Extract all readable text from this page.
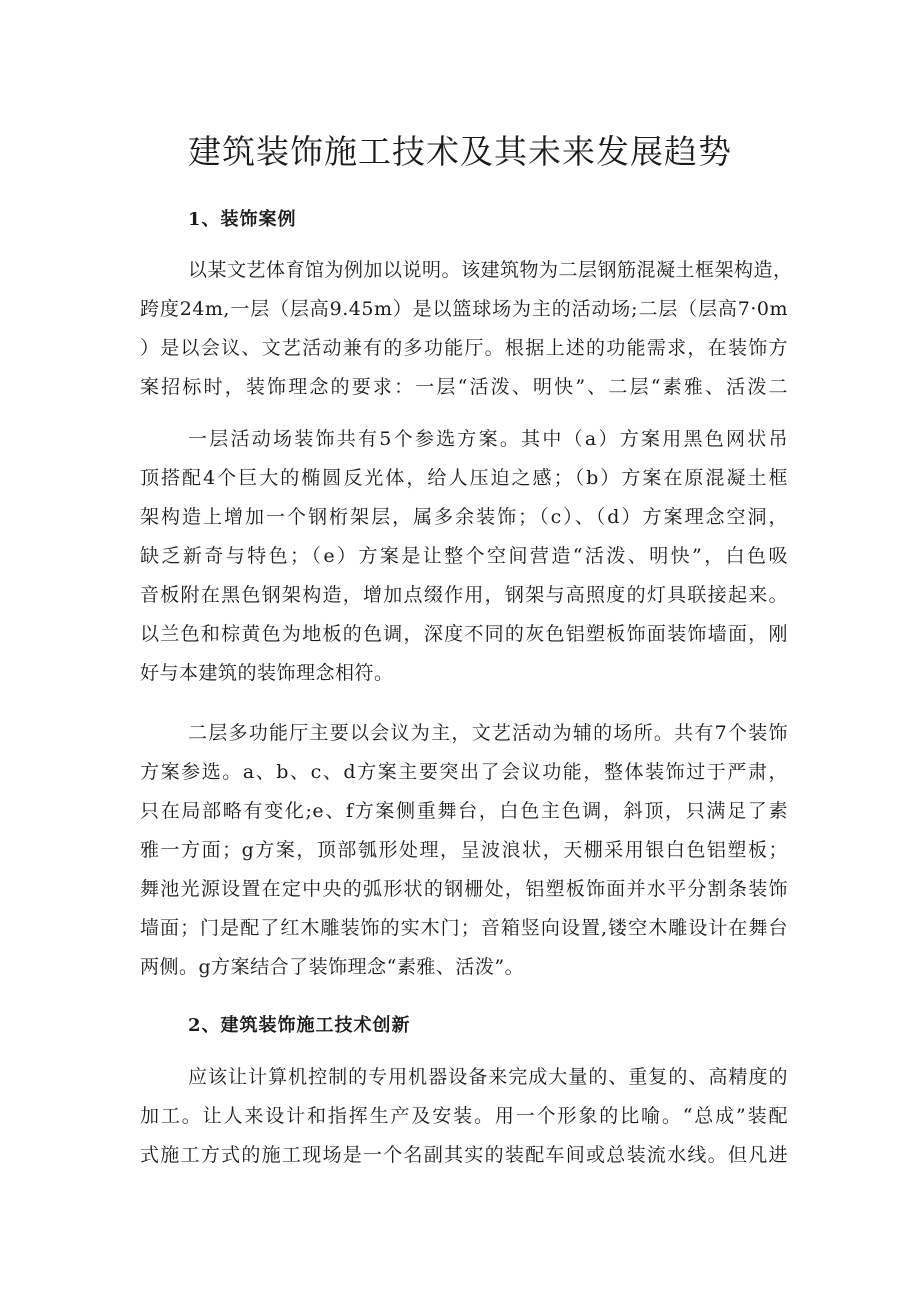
建筑装饰施工技术及其未来发展趋势
1、装饰案例

以某文艺体育馆为例加以说明。该建筑物为二层钢筋混凝土框架构造，

跨度24m,一层（层高9.45m）是以篮球场为主的活动场;二层（层高7·0m

）是以会议、文艺活动兼有的多功能厅。根据上述的功能需求，在装饰方

案招标时，装饰理念的要求：一层“活泼、明快”、二层“素雅、活泼二

一层活动场装饰共有5个参选方案。其中（a）方案用黑色网状吊

顶搭配4个巨大的椭圆反光体，给人压迫之感；（b）方案在原混凝土框

架构造上增加一个钢桁架层，属多余装饰；（c）、（d）方案理念空洞，

缺乏新奇与特色；（e）方案是让整个空间营造“活泼、明快”，白色吸

音板附在黑色钢架构造，增加点缀作用，钢架与高照度的灯具联接起来。

以兰色和棕黄色为地板的色调，深度不同的灰色铝塑板饰面装饰墙面，刚

好与本建筑的装饰理念相符。

二层多功能厅主要以会议为主，文艺活动为辅的场所。共有7个装饰

方案参选。a、b、c、d方案主要突出了会议功能，整体装饰过于严肃，

只在局部略有变化;e、f方案侧重舞台，白色主色调，斜顶，只满足了素

雅一方面；g方案，顶部瓠形处理，呈波浪状，天棚采用银白色铝塑板；

舞池光源设置在定中央的弧形状的钢栅处，铝塑板饰面并水平分割条装饰

墙面；门是配了红木雕装饰的实木门；音箱竖向设置,镂空木雕设计在舞台

两侧。g方案结合了装饰理念“素雅、活泼”。

2、建筑装饰施工技术创新

应该让计算机控制的专用机器设备来完成大量的、重复的、高精度的

加工。让人来设计和指挥生产及安装。用一个形象的比喻。“总成”装配

式施工方式的施工现场是一个名副其实的装配车间或总装流水线。但凡进
